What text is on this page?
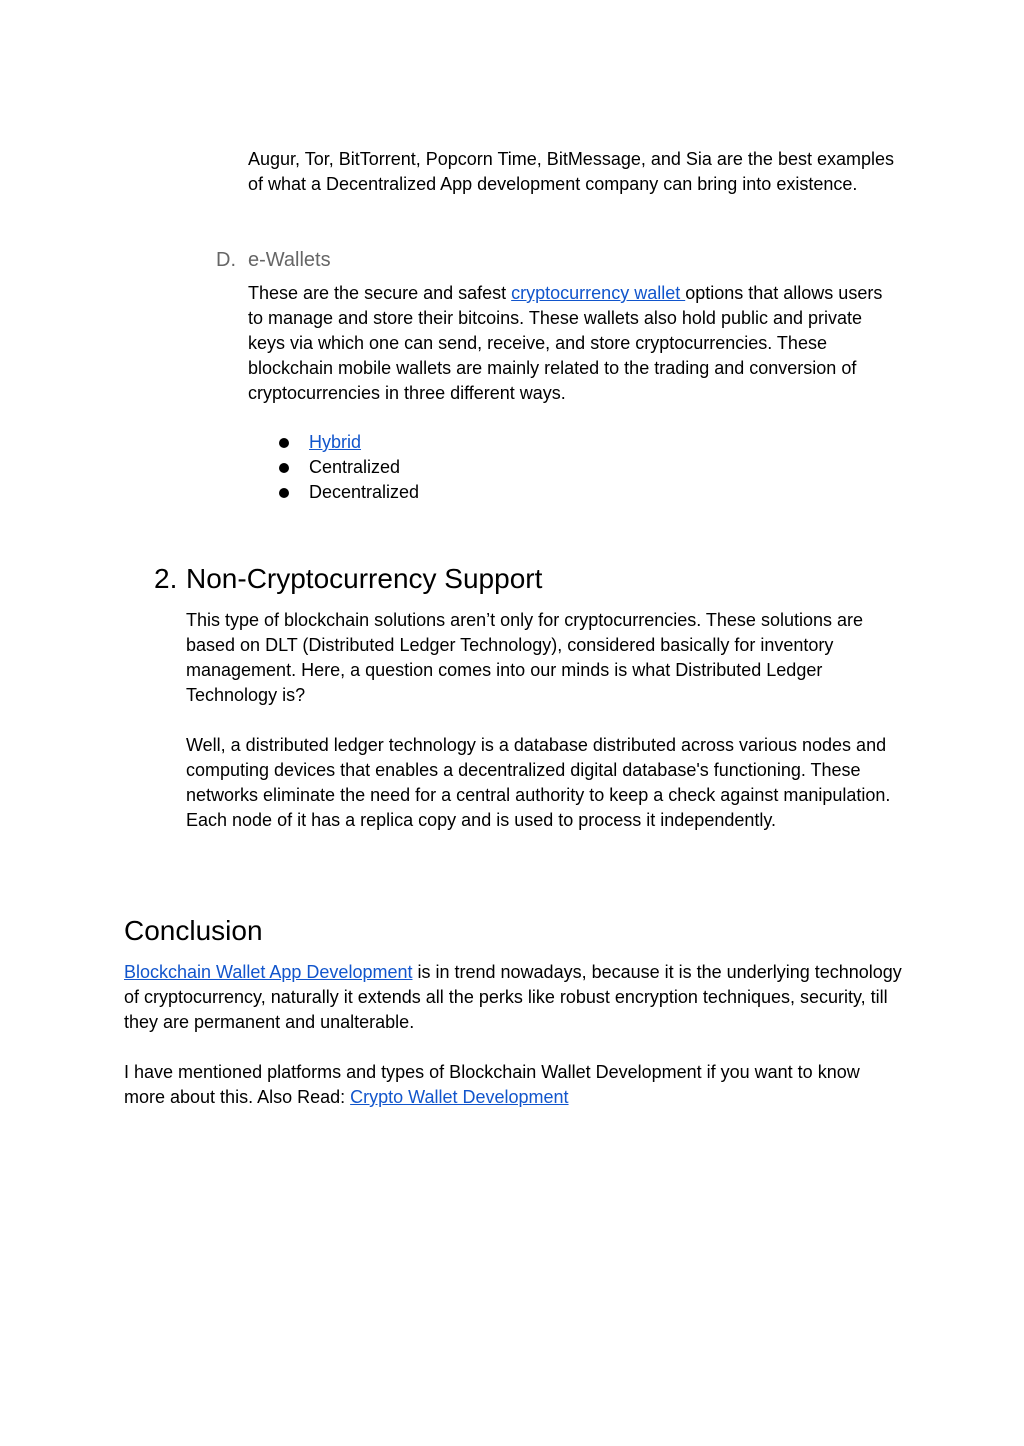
Augur, Tor, BitTorrent, Popcorn Time, BitMessage, and Sia are the best examples of what a Decentralized App development company can bring into existence.

D. e-Wallets

These are the secure and safest cryptocurrency wallet options that allows users to manage and store their bitcoins. These wallets also hold public and private keys via which one can send, receive, and store cryptocurrencies. These blockchain mobile wallets are mainly related to the trading and conversion of cryptocurrencies in three different ways.

Hybrid
Centralized
Decentralized
2. Non-Cryptocurrency Support

This type of blockchain solutions aren’t only for cryptocurrencies. These solutions are based on DLT (Distributed Ledger Technology), considered basically for inventory management. Here, a question comes into our minds is what Distributed Ledger Technology is?

Well, a distributed ledger technology is a database distributed across various nodes and computing devices that enables a decentralized digital database's functioning. These networks eliminate the need for a central authority to keep a check against manipulation. Each node of it has a replica copy and is used to process it independently.

Conclusion

Blockchain Wallet App Development is in trend nowadays, because it is the underlying technology of cryptocurrency, naturally it extends all the perks like robust encryption techniques, security, till they are permanent and unalterable.

I have mentioned platforms and types of Blockchain Wallet Development if you want to know more about this. Also Read: Crypto Wallet Development
